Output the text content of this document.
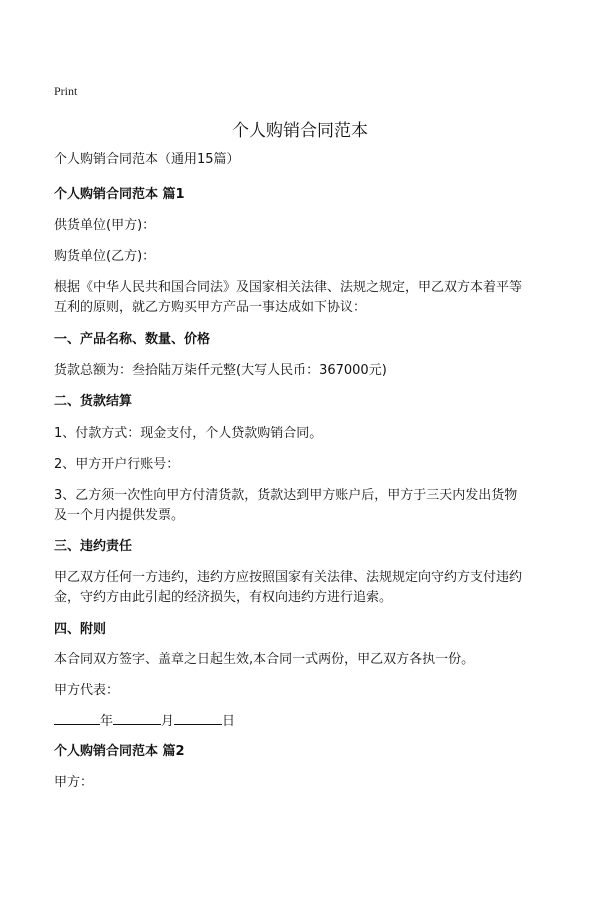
Print
个人购销合同范本

个人购销合同范本（通用15篇）

个人购销合同范本 篇1

供货单位(甲方)：

购货单位(乙方)：

根据《中华人民共和国合同法》及国家相关法律、法规之规定，甲乙双方本着平等

互利的原则，就乙方购买甲方产品一事达成如下协议：

一、产品名称、数量、价格

货款总额为：叁拾陆万柒仟元整(大写人民币：367000元)

二、货款结算

1、付款方式：现金支付，个人贷款购销合同。

2、甲方开户行账号：

3、乙方须一次性向甲方付清货款，货款达到甲方账户后，甲方于三天内发出货物

及一个月内提供发票。

三、违约责任

甲乙双方任何一方违约，违约方应按照国家有关法律、法规规定向守约方支付违约

金，守约方由此引起的经济损失，有权向违约方进行追索。

四、附则

本合同双方签字、盖章之日起生效,本合同一式两份，甲乙双方各执一份。

甲方代表：

年	月	日

个人购销合同范本 篇2

甲方：
